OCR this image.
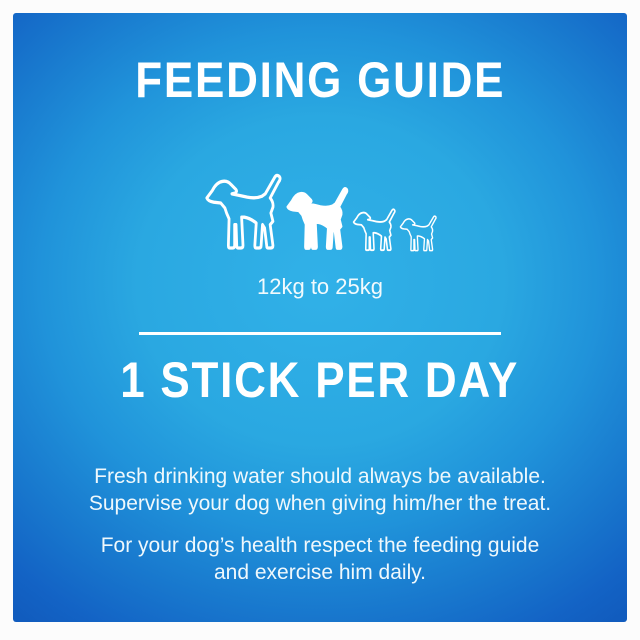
FEEDING GUIDE
12kg to 25kg
1 STICK PER DAY
Fresh drinking water should always be available.
Supervise your dog when giving him/her the treat.
For your dog’s health respect the feeding guide
and exercise him daily.
